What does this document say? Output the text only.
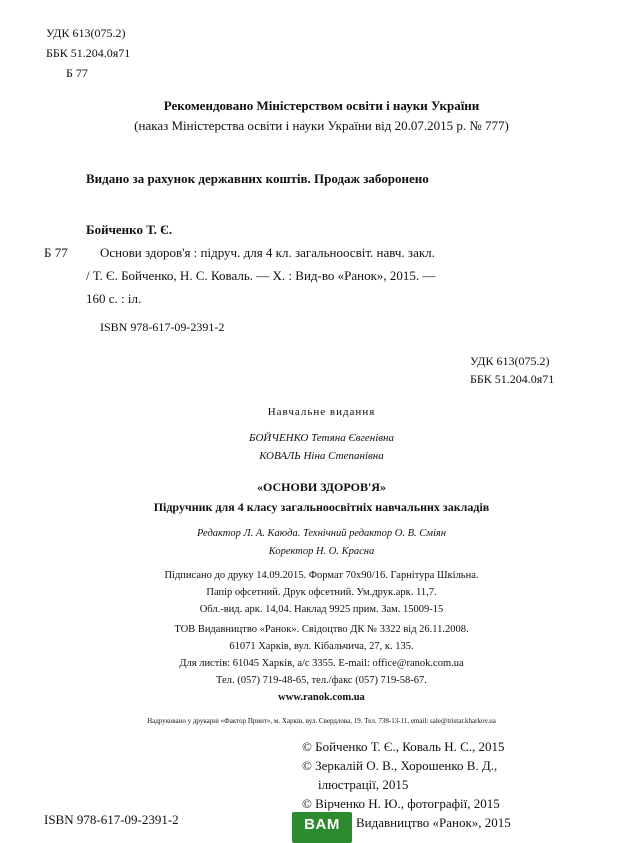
УДК 613(075.2)
ББК 51.204.0я71
Б 77
Рекомендовано Міністерством освіти і науки України
(наказ Міністерства освіти і науки України від 20.07.2015 р. № 777)
Видано за рахунок державних коштів. Продаж заборонено
Бойченко Т. Є.
Б 77 Основи здоров'я : підруч. для 4 кл. загальноосвіт. навч. закл.
/ Т. Є. Бойченко, Н. С. Коваль. — Х. : Вид-во «Ранок», 2015. —
160 с. : іл.
ISBN 978-617-09-2391-2
УДК 613(075.2)
ББК 51.204.0я71
Навчальне видання
БОЙЧЕНКО Тетяна Євгенівна
КОВАЛЬ Ніна Степанівна
«ОСНОВИ ЗДОРОВ'Я»
Підручник для 4 класу загальноосвітніх навчальних закладів
Редактор Л. А. Каюда. Технічний редактор О. В. Сміян
Коректор Н. О. Красна
Підписано до друку 14.09.2015. Формат 70х90/16. Гарнітура Шкільна.
Папір офсетний. Друк офсетний. Ум.друк.арк. 11,7.
Обл.-вид. арк. 14,04. Наклад 9925 прим. Зам. 15009-15
ТОВ Видавництво «Ранок». Свідоцтво ДК № 3322 від 26.11.2008.
61071 Харків, вул. Кібальчича, 27, к. 135.
Для листів: 61045 Харків, а/с 3355. E-mail: office@ranok.com.ua
Тел. (057) 719-48-65, тел./факс (057) 719-58-67.
www.ranok.com.ua
Надруковано у друкарні «Фактор Принт», м. Харків, вул. Свердлова, 19. Тел. 738-13-11, email: sale@tristar.kharkov.ua
© Бойченко Т. Є., Коваль Н. С., 2015
© Зеркалій О. В., Хорошенко В. Д.,
ілюстрації, 2015
© Вірченко Н. Ю., фотографії, 2015
Видавництво «Ранок», 2015
ISBN 978-617-09-2391-2	BAM
